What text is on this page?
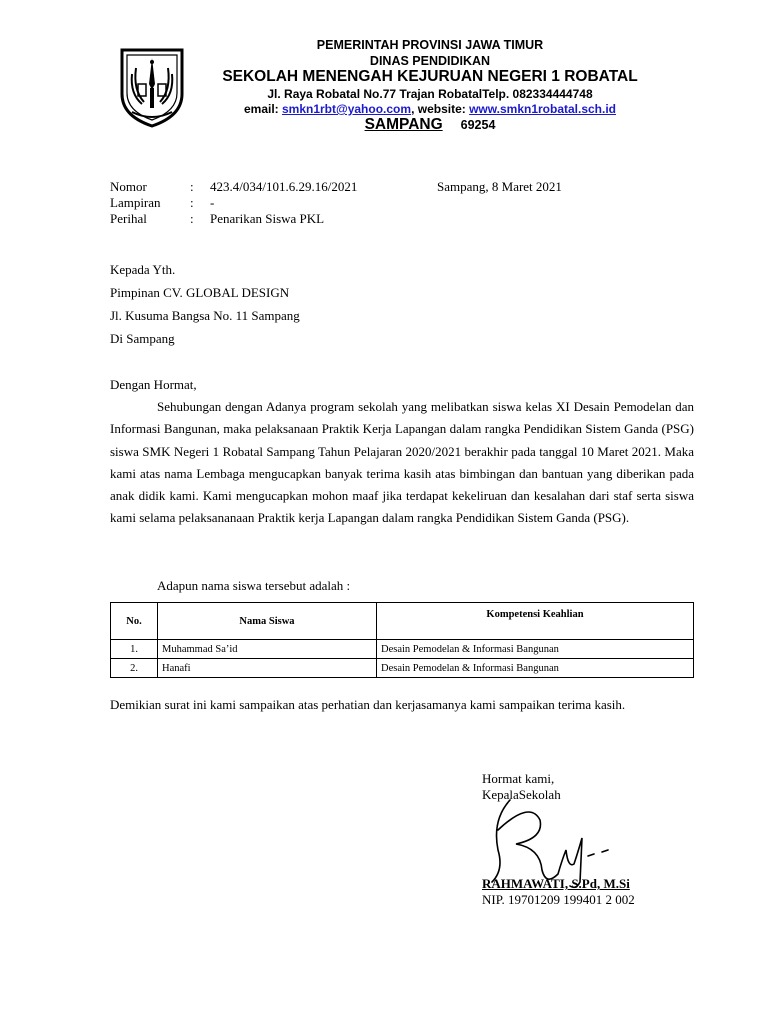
PEMERINTAH PROVINSI JAWA TIMUR
DINAS PENDIDIKAN
SEKOLAH MENENGAH KEJURUAN NEGERI 1 ROBATAL
Jl. Raya Robatal No.77 Trajan RobatalTelp. 082334444748
email: smkn1rbt@yahoo.com, website: www.smkn1robatal.sch.id
SAMPANG 69254
Nomor	: 423.4/034/101.6.29.16/2021	Sampang, 8 Maret 2021
Lampiran : -
Perihal	: Penarikan Siswa PKL
Kepada Yth.
Pimpinan CV. GLOBAL DESIGN
Jl. Kusuma Bangsa No. 11 Sampang
Di Sampang
Dengan Hormat,
Sehubungan dengan Adanya program sekolah yang melibatkan siswa kelas XI Desain Pemodelan dan Informasi Bangunan, maka pelaksanaan Praktik Kerja Lapangan dalam rangka Pendidikan Sistem Ganda (PSG) siswa SMK Negeri 1 Robatal Sampang Tahun Pelajaran 2020/2021 berakhir pada tanggal 10 Maret 2021. Maka kami atas nama Lembaga mengucapkan banyak terima kasih atas bimbingan dan bantuan yang diberikan pada anak didik kami. Kami mengucapkan mohon maaf jika terdapat kekeliruan dan kesalahan dari staf serta siswa kami selama pelaksananaan Praktik kerja Lapangan dalam rangka Pendidikan Sistem Ganda (PSG).
Adapun nama siswa tersebut adalah :
No.	Nama Siswa	Kompetensi Keahlian
1.	Muhammad Sa’id	Desain Pemodelan & Informasi Bangunan
2.	Hanafi	Desain Pemodelan & Informasi Bangunan
Demikian surat ini kami sampaikan atas perhatian dan kerjasamanya kami sampaikan terima kasih.
Hormat kami,
KepalaSekolah
RAHMAWATI, S.Pd, M.Si
NIP. 19701209 199401 2 002
